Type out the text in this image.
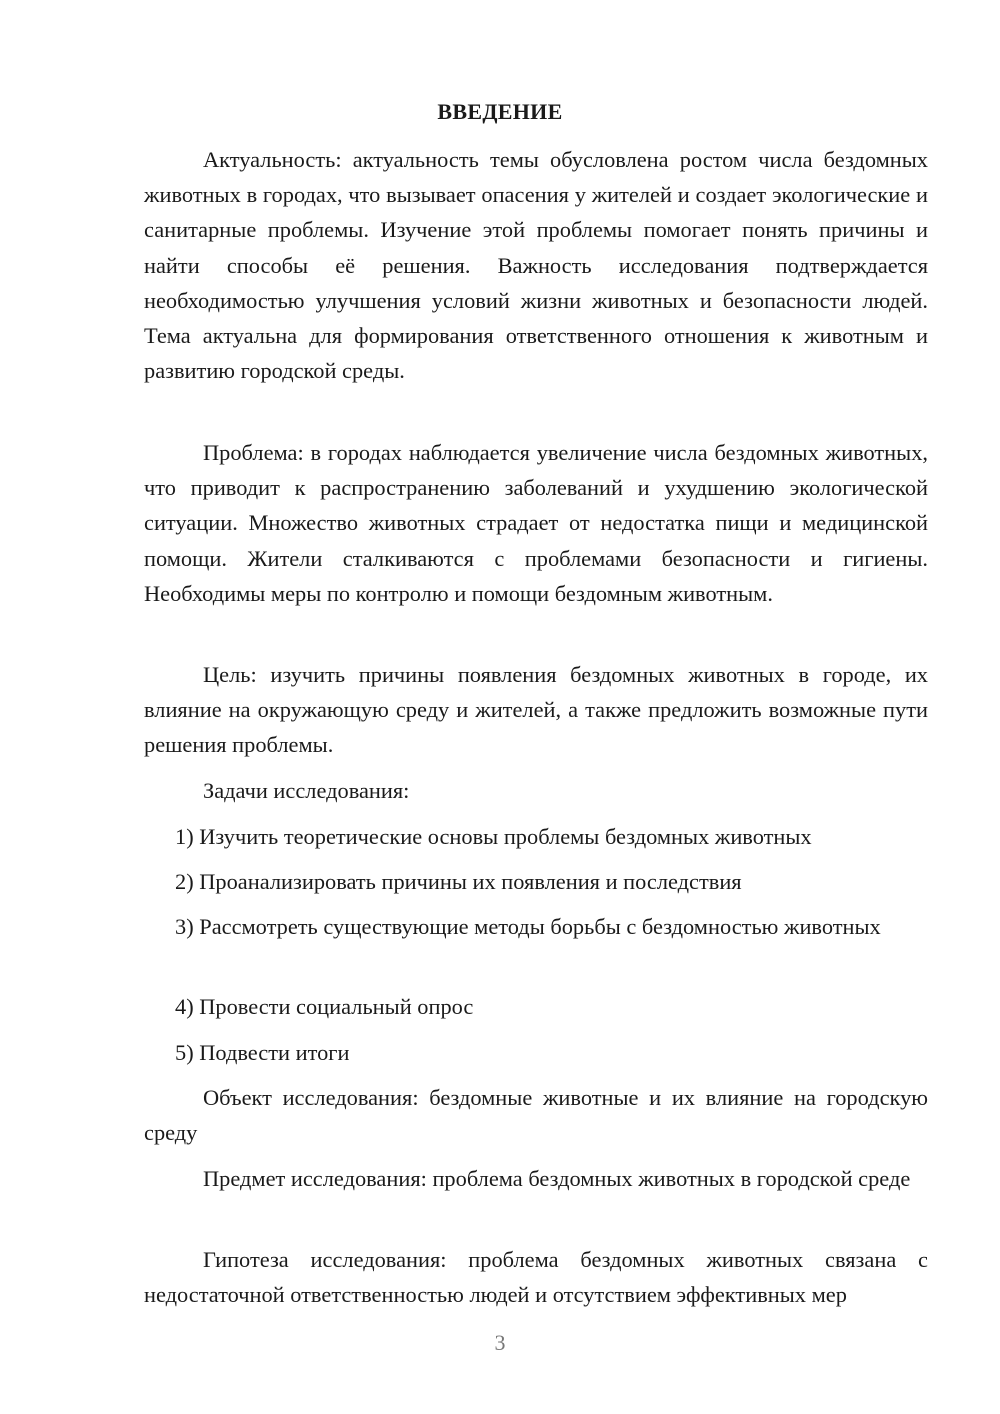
ВВЕДЕНИЕ
Актуальность: актуальность темы обусловлена ростом числа бездомных животных в городах, что вызывает опасения у жителей и создает экологические и санитарные проблемы. Изучение этой проблемы помогает понять причины и найти способы её решения. Важность исследования подтверждается необходимостью улучшения условий жизни животных и безопасности людей. Тема актуальна для формирования ответственного отношения к животным и развитию городской среды.
Проблема: в городах наблюдается увеличение числа бездомных животных, что приводит к распространению заболеваний и ухудшению экологической ситуации. Множество животных страдает от недостатка пищи и медицинской помощи. Жители сталкиваются с проблемами безопасности и гигиены. Необходимы меры по контролю и помощи бездомным животным.
Цель: изучить причины появления бездомных животных в городе, их влияние на окружающую среду и жителей, а также предложить возможные пути решения проблемы.
Задачи исследования:
1) Изучить теоретические основы проблемы бездомных животных
2) Проанализировать причины их появления и последствия
3) Рассмотреть существующие методы борьбы с бездомностью животных
4) Провести социальный опрос
5) Подвести итоги
Объект исследования: бездомные животные и их влияние на городскую среду
Предмет исследования: проблема бездомных животных в городской среде
Гипотеза исследования: проблема бездомных животных связана с недостаточной ответственностью людей и отсутствием эффективных мер
3
